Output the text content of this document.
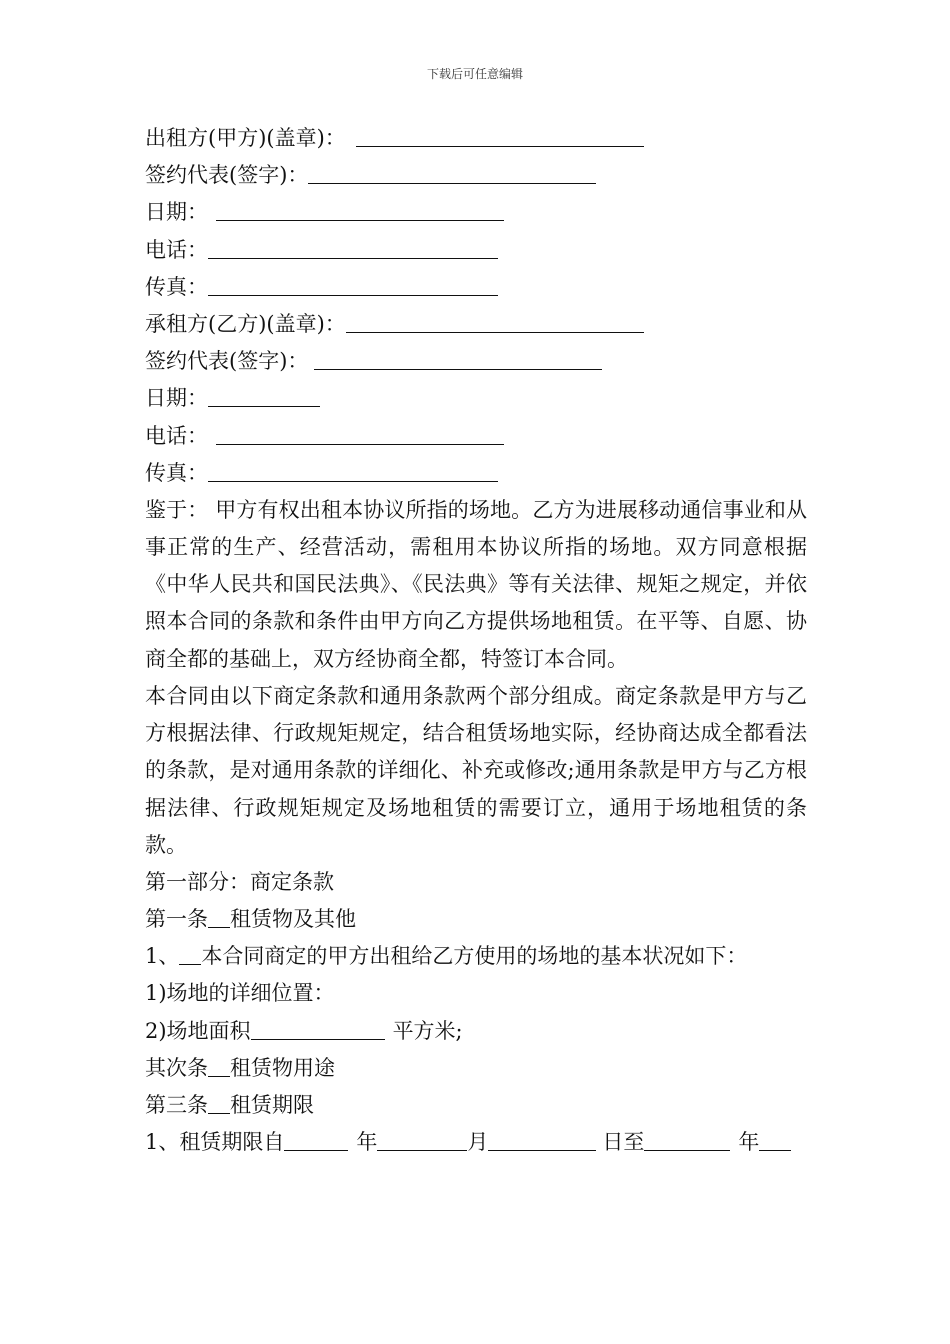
下载后可任意编辑
出租方(甲方)(盖章)：
签约代表(签字)：
日期：
电话：
传真：
承租方(乙方)(盖章)：
签约代表(签字)：
日期：
电话：
传真：

鉴于： 甲方有权出租本协议所指的场地。乙方为进展移动通信事业和从事正常的生产、经营活动，需租用本协议所指的场地。双方同意根据《中华人民共和国民法典》、《民法典》等有关法律、规矩之规定，并依照本合同的条款和条件由甲方向乙方提供场地租赁。在平等、自愿、协商全都的基础上，双方经协商全都，特签订本合同。

本合同由以下商定条款和通用条款两个部分组成。商定条款是甲方与乙方根据法律、行政规矩规定，结合租赁场地实际，经协商达成全都看法的条款，是对通用条款的详细化、补充或修改;通用条款是甲方与乙方根据法律、行政规矩规定及场地租赁的需要订立，通用于场地租赁的条款。

第一部分：商定条款
第一条 租赁物及其他
1、 本合同商定的甲方出租给乙方使用的场地的基本状况如下：
1)场地的详细位置：
2)场地面积	平方米;
其次条 租赁物用途
第三条 租赁期限
1、租赁期限自	年	月	日至	年
